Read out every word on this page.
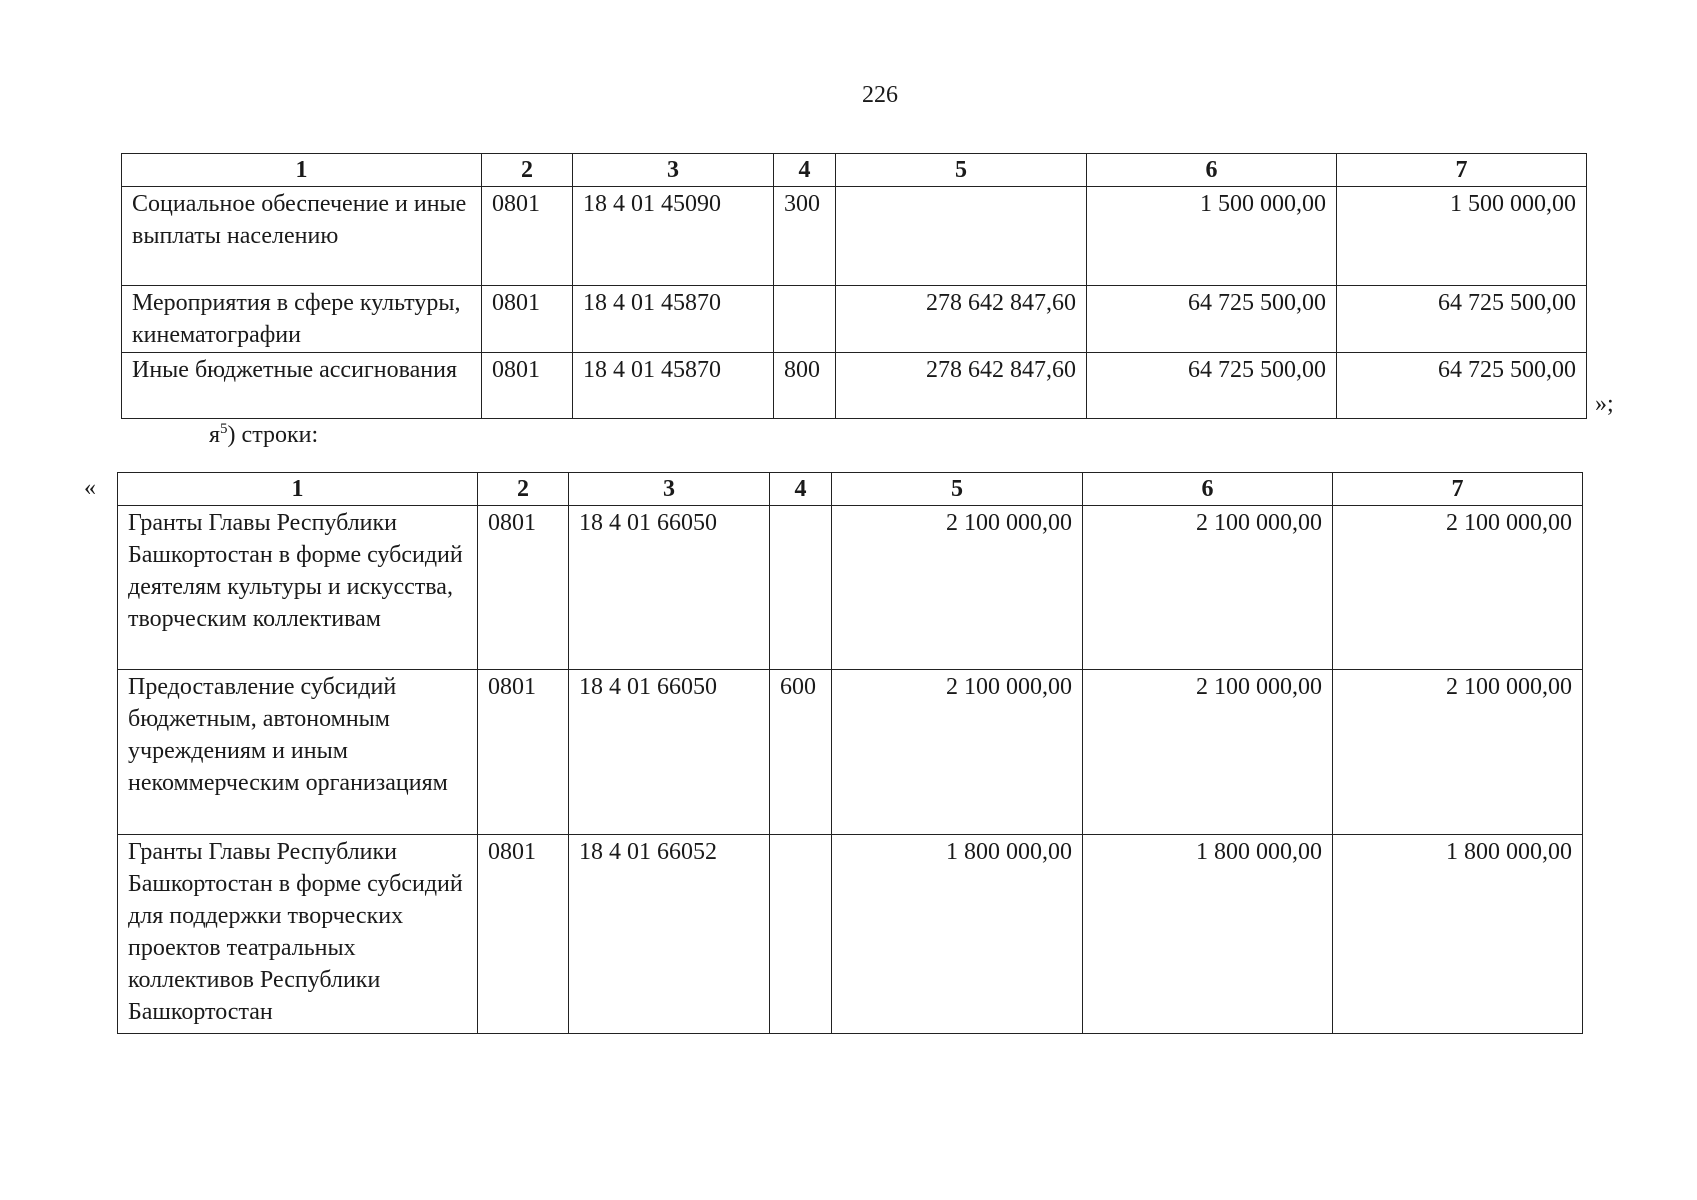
226
1	2	3	4	5	6	7
Социальное обеспечение и иные выплаты населению	0801	18 4 01 45090	300		1 500 000,00	1 500 000,00
Мероприятия в сфере культуры, кинематографии	0801	18 4 01 45870		278 642 847,60	64 725 500,00	64 725 500,00
Иные бюджетные ассигнования	0801	18 4 01 45870	800	278 642 847,60	64 725 500,00	64 725 500,00
»;
$я^5$) строки:
«	1	2	3	4	5	6	7
Гранты Главы Республики Башкортостан в форме субсидий деятелям культуры и искусства, творческим коллективам	0801	18 4 01 66050		2 100 000,00	2 100 000,00	2 100 000,00
Предоставление субсидий бюджетным, автономным учреждениям и иным некоммерческим организациям	0801	18 4 01 66050	600	2 100 000,00	2 100 000,00	2 100 000,00
Гранты Главы Республики Башкортостан в форме субсидий для поддержки творческих проектов театральных коллективов Республики Башкортостан	0801	18 4 01 66052		1 800 000,00	1 800 000,00	1 800 000,00
